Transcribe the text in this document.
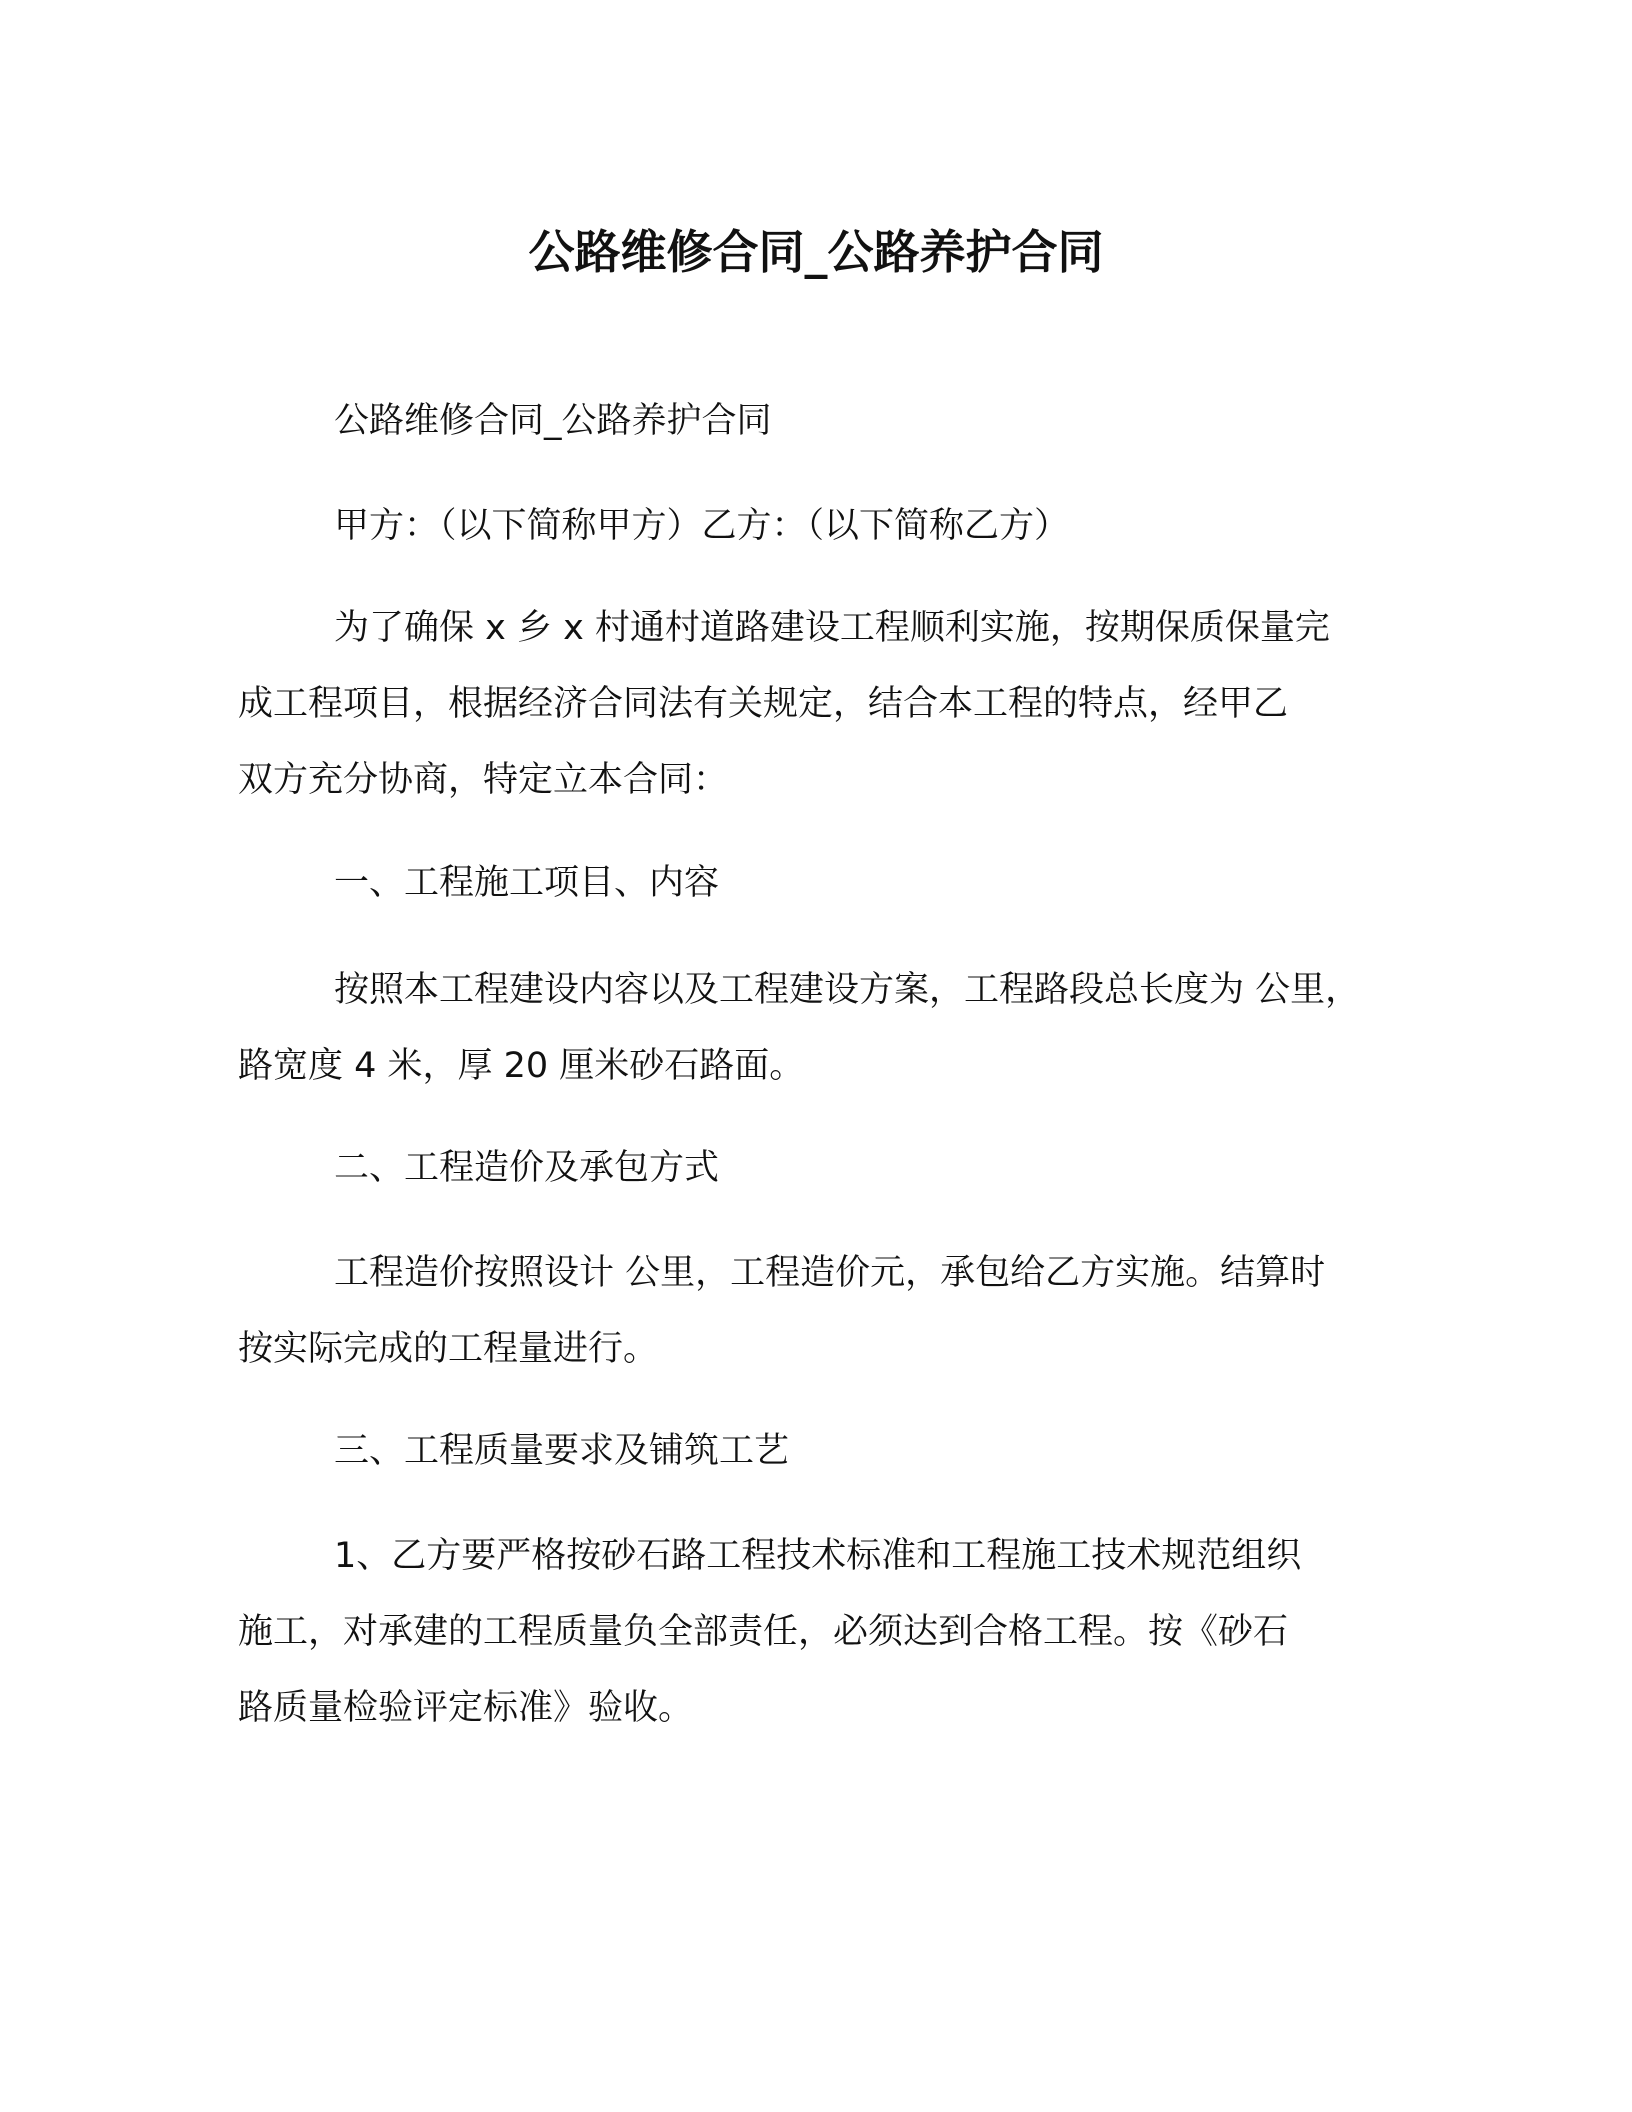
公路维修合同_公路养护合同

公路维修合同_公路养护合同

甲方：（以下简称甲方）乙方：（以下简称乙方）

为了确保 x 乡 x 村通村道路建设工程顺利实施，按期保质保量完
成工程项目，根据经济合同法有关规定，结合本工程的特点，经甲乙
双方充分协商，特定立本合同：

一、工程施工项目、内容

按照本工程建设内容以及工程建设方案，工程路段总长度为 公里，
路宽度 4 米，厚 20 厘米砂石路面。

二、工程造价及承包方式

工程造价按照设计 公里，工程造价元，承包给乙方实施。结算时
按实际完成的工程量进行。

三、工程质量要求及铺筑工艺

1、乙方要严格按砂石路工程技术标准和工程施工技术规范组织
施工，对承建的工程质量负全部责任，必须达到合格工程。按《砂石
路质量检验评定标准》验收。
